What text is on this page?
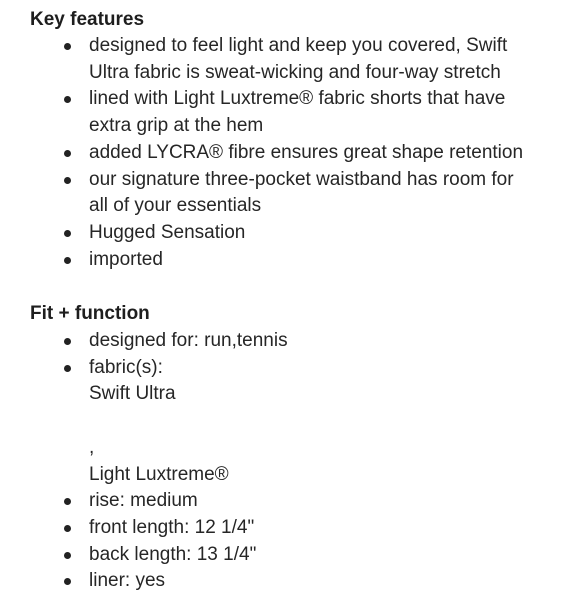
Key features
designed to feel light and keep you covered, Swift
Ultra fabric is sweat-wicking and four-way stretch
lined with Light Luxtreme® fabric shorts that have
extra grip at the hem
added LYCRA® fibre ensures great shape retention
our signature three-pocket waistband has room for
all of your essentials
Hugged Sensation
imported
Fit + function
designed for: run,tennis
fabric(s):
Swift Ultra
,
Light Luxtreme®
rise: medium
front length: 12 1/4"
back length: 13 1/4"
liner: yes
